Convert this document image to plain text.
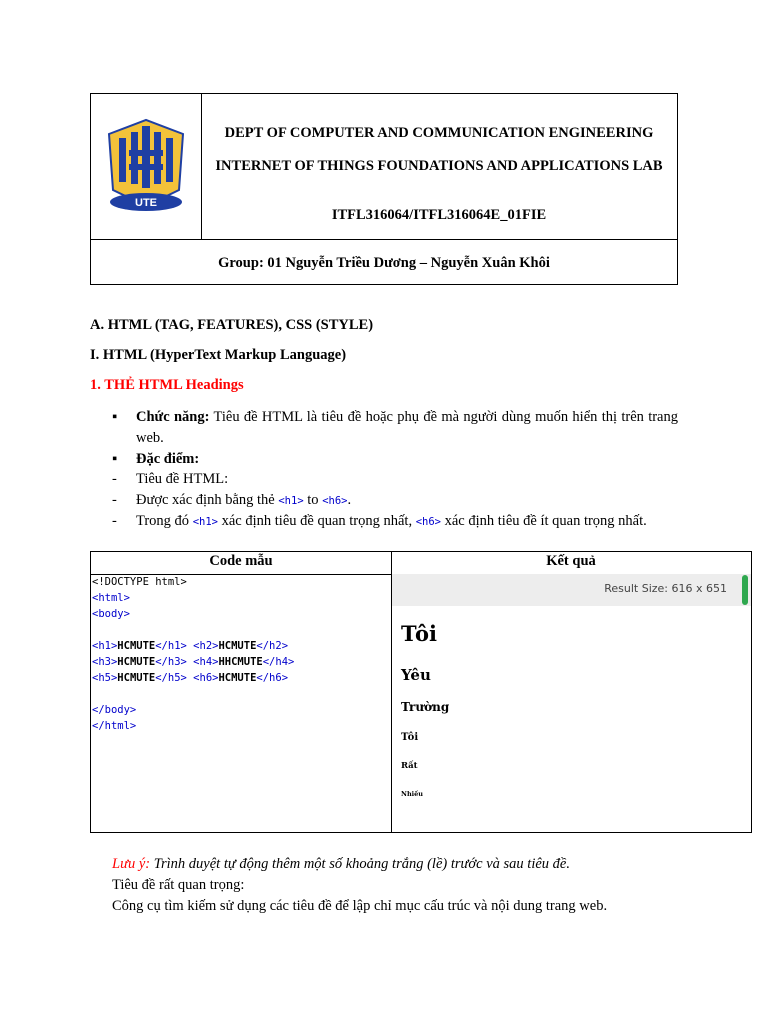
UTE
DEPT OF COMPUTER AND COMMUNICATION ENGINEERING
INTERNET OF THINGS FOUNDATIONS AND APPLICATIONS LAB
ITFL316064/ITFL316064E_01FIE
Group: 01 Nguyễn Triều Dương – Nguyễn Xuân Khôi
A. HTML (TAG, FEATURES), CSS (STYLE)
I. HTML (HyperText Markup Language)
1. THẺ HTML Headings
▪ Chức năng: Tiêu đề HTML là tiêu đề hoặc phụ đề mà người dùng muốn hiển thị trên trang web.
▪ Đặc điểm:
- Tiêu đề HTML:
- Được xác định bằng thẻ <h1> to <h6>.
- Trong đó <h1> xác định tiêu đề quan trọng nhất, <h6> xác định tiêu đề ít quan trọng nhất.
Code mẫu	Kết quả
<!DOCTYPE html>
<html>
<body>

<h1>HCMUTE</h1> <h2>HCMUTE</h2>
<h3>HCMUTE</h3> <h4>HHCMUTE</h4>
<h5>HCMUTE</h5> <h6>HCMUTE</h6>

</body>
</html>
Result Size: 616 x 651
Tôi
Yêu
Trường
Tôi
Rất
Nhiều
Lưu ý: Trình duyệt tự động thêm một số khoảng trắng (lề) trước và sau tiêu đề.
Tiêu đề rất quan trọng:
Công cụ tìm kiếm sử dụng các tiêu đề để lập chỉ mục cấu trúc và nội dung trang web.
